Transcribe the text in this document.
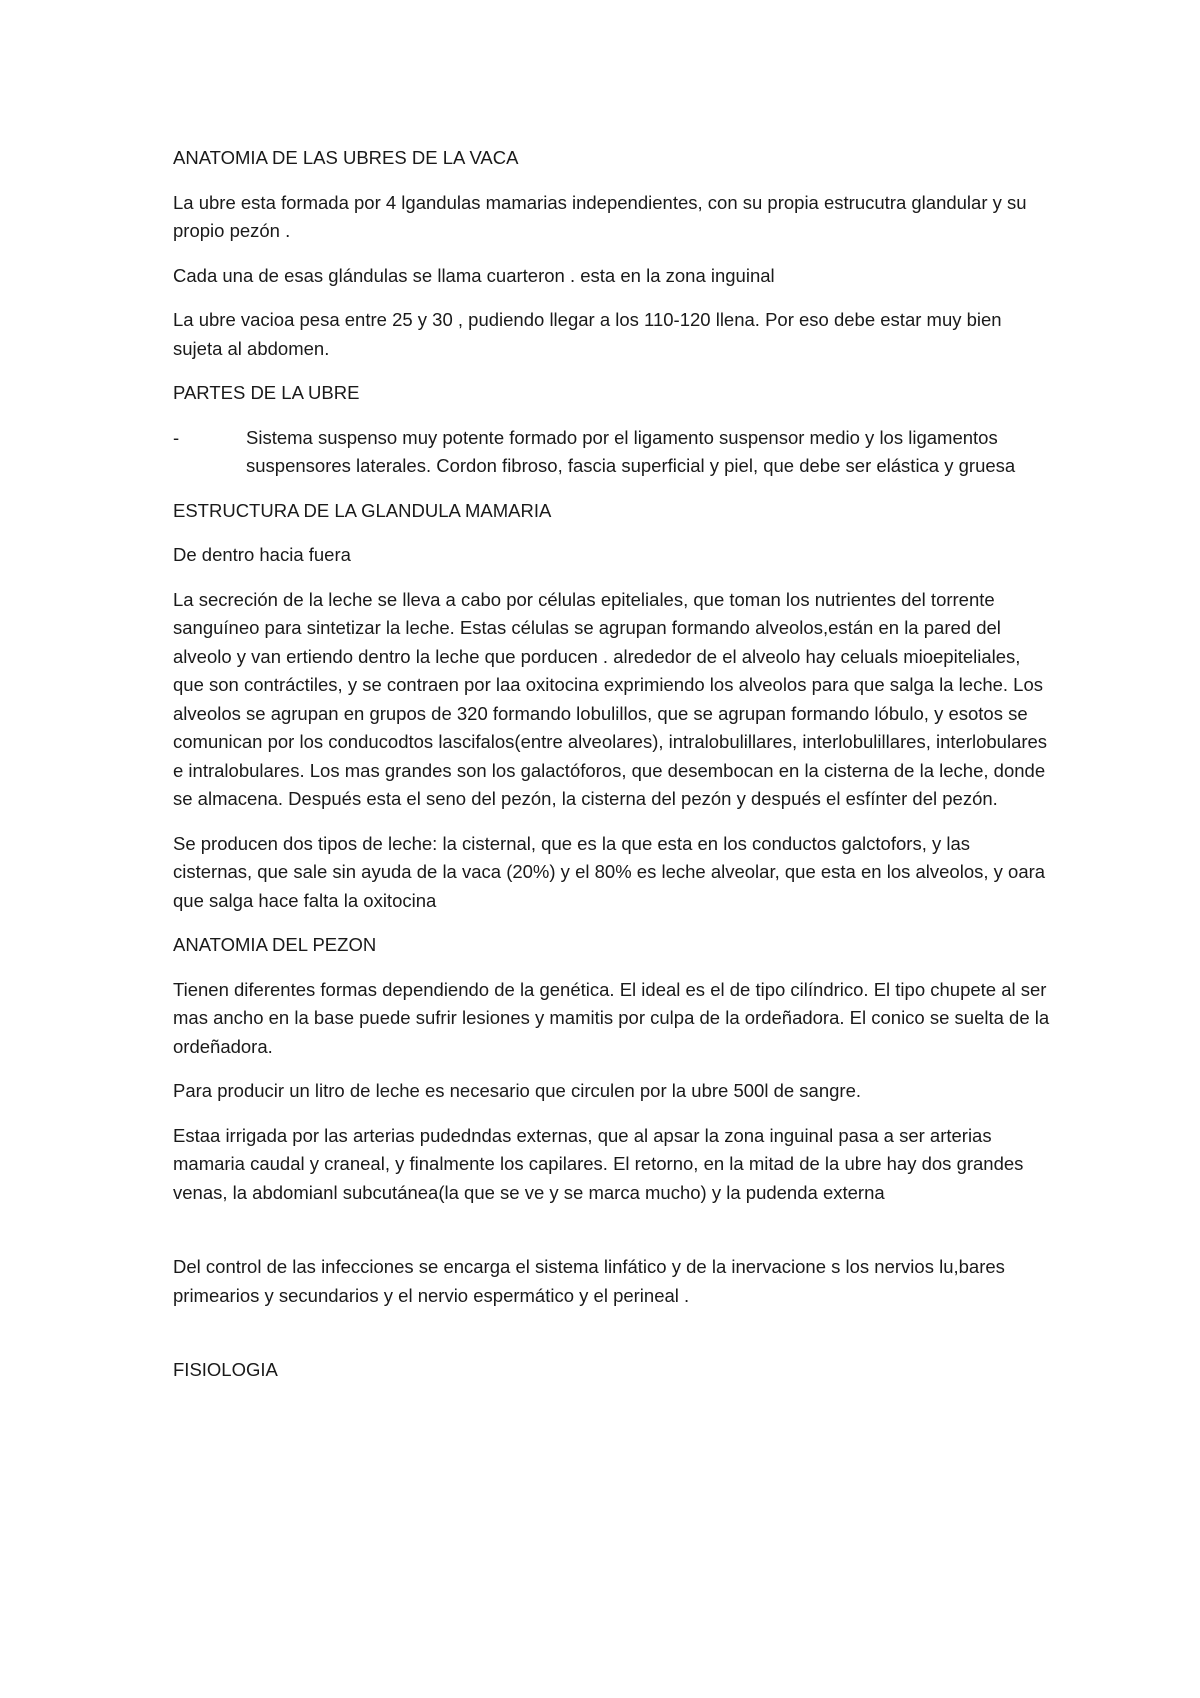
ANATOMIA DE LAS UBRES DE LA VACA

La ubre esta formada por 4 lgandulas mamarias independientes, con su propia estrucutra glandular y su propio pezón .

Cada una de esas glándulas se llama cuarteron . esta en la zona inguinal

La ubre vacioa pesa entre 25 y 30 , pudiendo llegar a los 110-120 llena. Por eso debe estar muy bien sujeta al abdomen.

PARTES DE LA UBRE

-	Sistema suspenso muy potente formado por el ligamento suspensor medio y los ligamentos suspensores laterales. Cordon fibroso, fascia superficial y piel, que debe ser elástica y gruesa

ESTRUCTURA DE LA GLANDULA MAMARIA

De dentro hacia fuera

La secreción de la leche se lleva a cabo por células epiteliales, que toman los nutrientes del torrente sanguíneo para sintetizar la leche. Estas células se agrupan formando alveolos,están en la pared del alveolo y van ertiendo dentro la leche que porducen . alrededor de el alveolo hay celuals mioepiteliales, que son contráctiles, y se contraen por laa oxitocina exprimiendo los alveolos para que salga la leche. Los alveolos se agrupan en grupos de 320 formando lobulillos, que se agrupan formando lóbulo, y esotos se comunican por los conducodtos lascifalos(entre alveolares), intralobulillares, interlobulillares, interlobulares e intralobulares. Los mas grandes son los galactóforos, que desembocan en la cisterna de la leche, donde se almacena. Después esta el seno del pezón, la cisterna del pezón y después el esfínter del pezón.

Se producen dos tipos de leche: la cisternal, que es la que esta en los conductos galctofors, y las cisternas, que sale sin ayuda de la vaca (20%) y el 80% es leche alveolar, que esta en los alveolos, y oara que salga hace falta la oxitocina

ANATOMIA DEL PEZON

Tienen diferentes formas dependiendo de la genética. El ideal es el de tipo cilíndrico. El tipo chupete al ser mas ancho en la base puede sufrir lesiones y mamitis por culpa de la ordeñadora. El conico se suelta de la ordeñadora.

Para producir un litro de leche es necesario que circulen por la ubre 500l de sangre.

Estaa irrigada por las arterias pudedndas externas, que al apsar la zona inguinal pasa a ser arterias mamaria caudal y craneal, y finalmente los capilares. El retorno, en la mitad de la ubre hay dos grandes venas, la abdomianl subcutánea(la que se ve y se marca mucho) y la pudenda externa

Del control de las infecciones se encarga el sistema linfático y de la inervacione s los nervios lu,bares primearios y secundarios y el nervio espermático y el perineal .

FISIOLOGIA
